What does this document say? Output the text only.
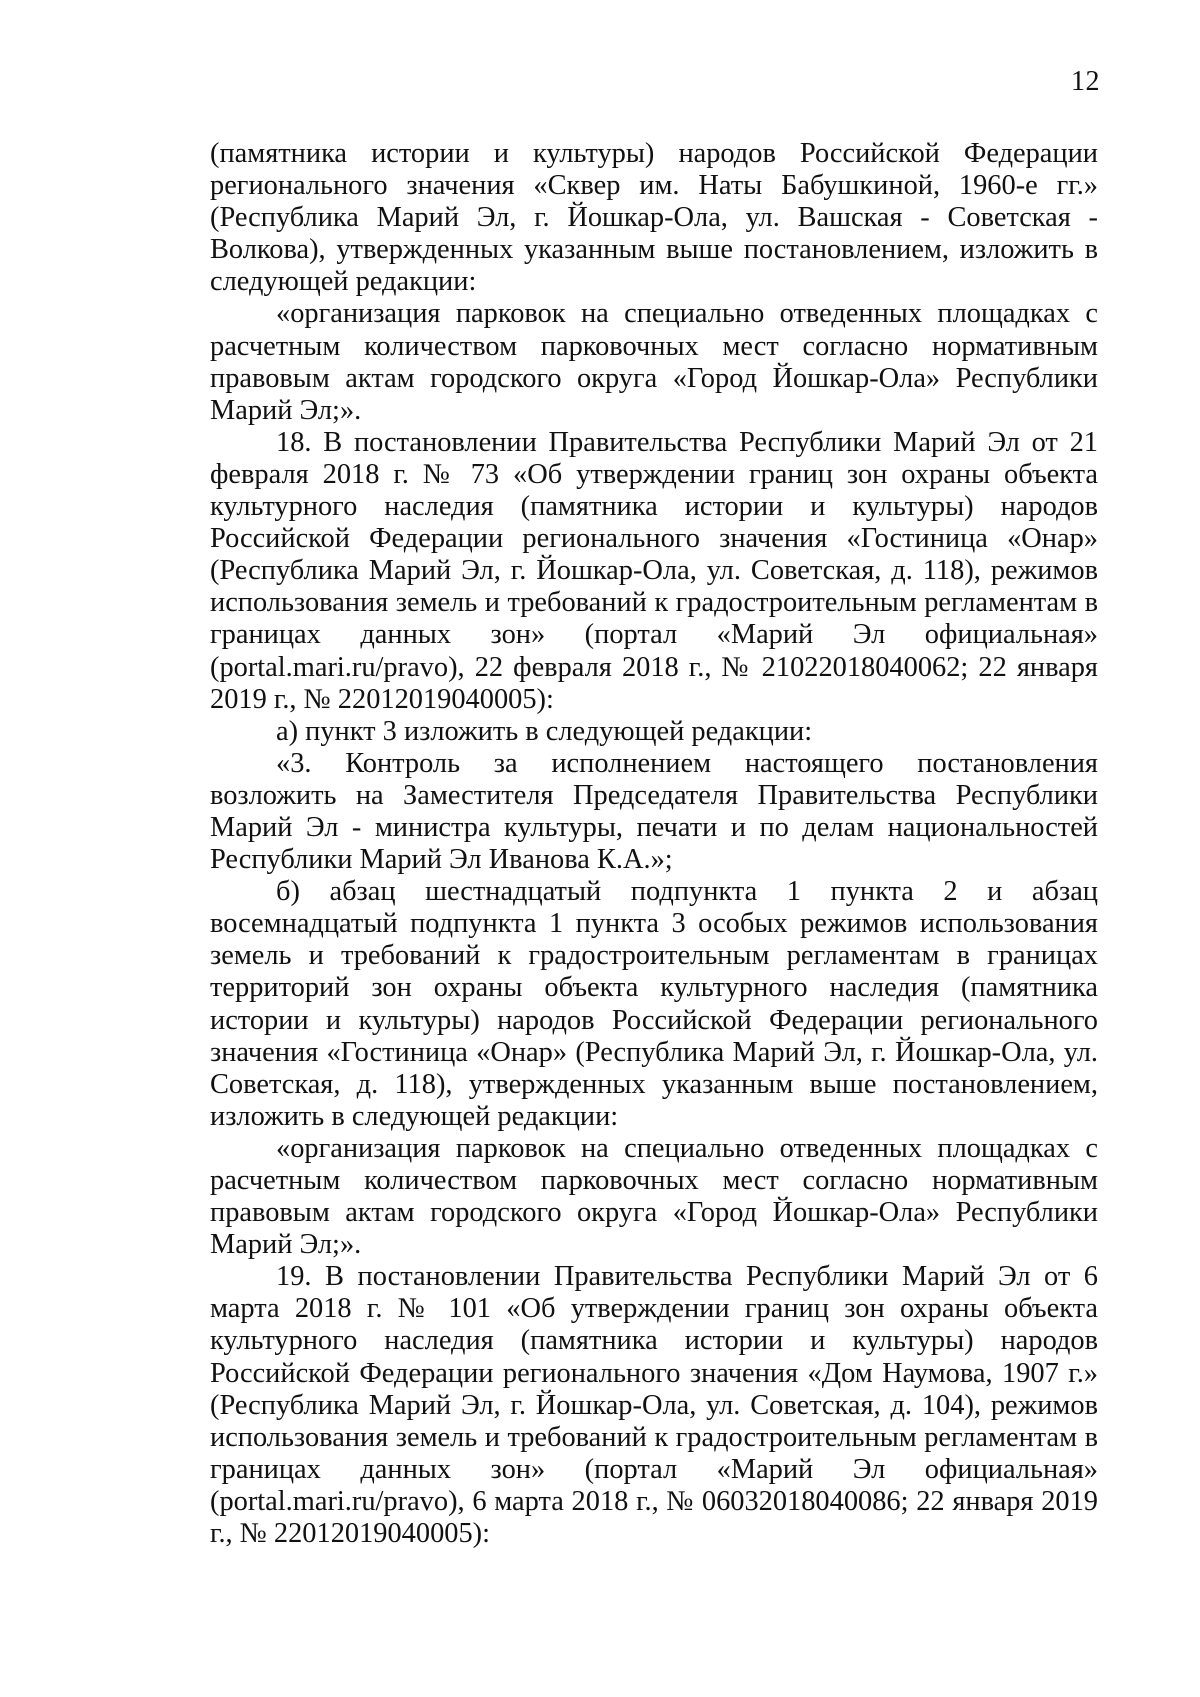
12

(памятника истории и культуры) народов Российской Федерации регионального значения «Сквер им. Наты Бабушкиной, 1960-е гг.» (Республика Марий Эл, г. Йошкар-Ола, ул. Вашская - Советская - Волкова), утвержденных указанным выше постановлением, изложить в следующей редакции:

«организация парковок на специально отведенных площадках с расчетным количеством парковочных мест согласно нормативным правовым актам городского округа «Город Йошкар-Ола» Республики Марий Эл;».

18. В постановлении Правительства Республики Марий Эл от 21 февраля 2018 г. № 73 «Об утверждении границ зон охраны объекта культурного наследия (памятника истории и культуры) народов Российской Федерации регионального значения «Гостиница «Онар» (Республика Марий Эл, г. Йошкар-Ола, ул. Советская, д. 118), режимов использования земель и требований к градостроительным регламентам в границах данных зон» (портал «Марий Эл официальная» (portal.mari.ru/pravo), 22 февраля 2018 г., № 21022018040062; 22 января 2019 г., № 22012019040005):

а) пункт 3 изложить в следующей редакции:

«3. Контроль за исполнением настоящего постановления возложить на Заместителя Председателя Правительства Республики Марий Эл - министра культуры, печати и по делам национальностей Республики Марий Эл Иванова К.А.»;

б) абзац шестнадцатый подпункта 1 пункта 2 и абзац восемнадцатый подпункта 1 пункта 3 особых режимов использования земель и требований к градостроительным регламентам в границах территорий зон охраны объекта культурного наследия (памятника истории и культуры) народов Российской Федерации регионального значения «Гостиница «Онар» (Республика Марий Эл, г. Йошкар-Ола, ул. Советская, д. 118), утвержденных указанным выше постановлением, изложить в следующей редакции:

«организация парковок на специально отведенных площадках с расчетным количеством парковочных мест согласно нормативным правовым актам городского округа «Город Йошкар-Ола» Республики Марий Эл;».

19. В постановлении Правительства Республики Марий Эл от 6 марта 2018 г. № 101 «Об утверждении границ зон охраны объекта культурного наследия (памятника истории и культуры) народов Российской Федерации регионального значения «Дом Наумова, 1907 г.» (Республика Марий Эл, г. Йошкар-Ола, ул. Советская, д. 104), режимов использования земель и требований к градостроительным регламентам в границах данных зон» (портал «Марий Эл официальная» (portal.mari.ru/pravo), 6 марта 2018 г., № 06032018040086; 22 января 2019 г., № 22012019040005):
